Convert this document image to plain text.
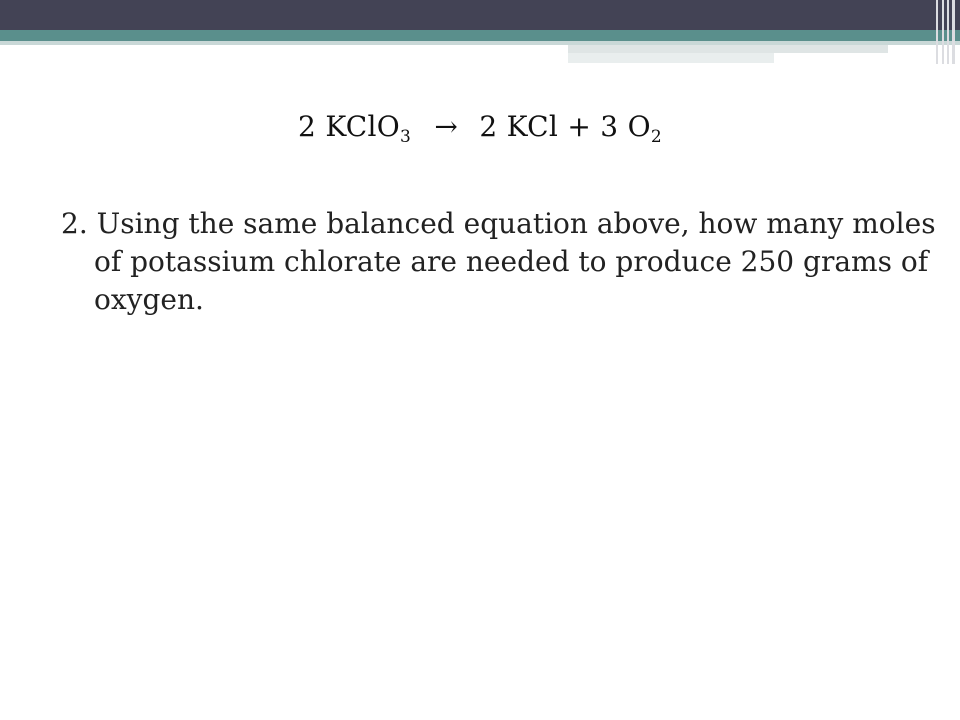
2 KClO$_3$ → 2 KCl + 3 $O_2$
2. Using the same balanced equation above, how many moles of potassium chlorate are needed to produce 250 grams of oxygen.
